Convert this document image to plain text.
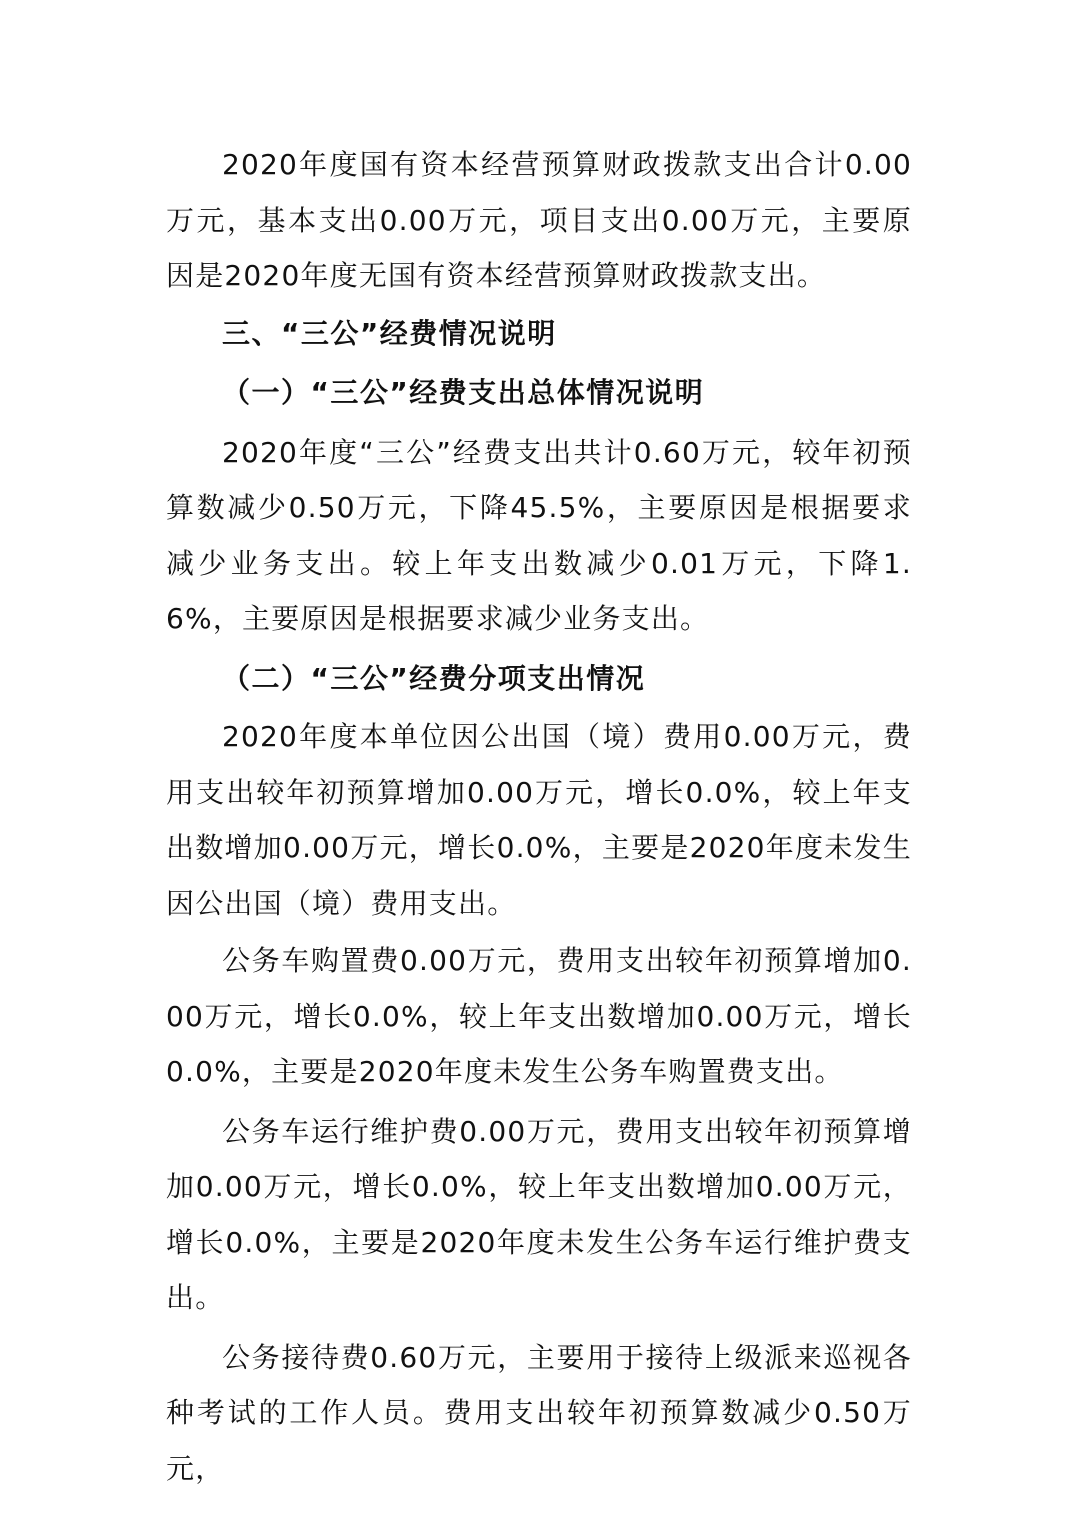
2020年度国有资本经营预算财政拨款支出合计0.00万元，基本支出0.00万元，项目支出0.00万元，主要原因是2020年度无国有资本经营预算财政拨款支出。

三、“三公”经费情况说明

（一）“三公”经费支出总体情况说明

2020年度“三公”经费支出共计0.60万元，较年初预算数减少0.50万元，下降45.5%，主要原因是根据要求减少业务支出。较上年支出数减少0.01万元，下降1.6%，主要原因是根据要求减少业务支出。

（二）“三公”经费分项支出情况

2020年度本单位因公出国（境）费用0.00万元，费用支出较年初预算增加0.00万元，增长0.0%，较上年支出数增加0.00万元，增长0.0%，主要是2020年度未发生因公出国（境）费用支出。

公务车购置费0.00万元，费用支出较年初预算增加0.00万元，增长0.0%，较上年支出数增加0.00万元，增长0.0%，主要是2020年度未发生公务车购置费支出。

公务车运行维护费0.00万元，费用支出较年初预算增加0.00万元，增长0.0%，较上年支出数增加0.00万元，增长0.0%，主要是2020年度未发生公务车运行维护费支出。

公务接待费0.60万元，主要用于接待上级派来巡视各种考试的工作人员。费用支出较年初预算数减少0.50万元，
